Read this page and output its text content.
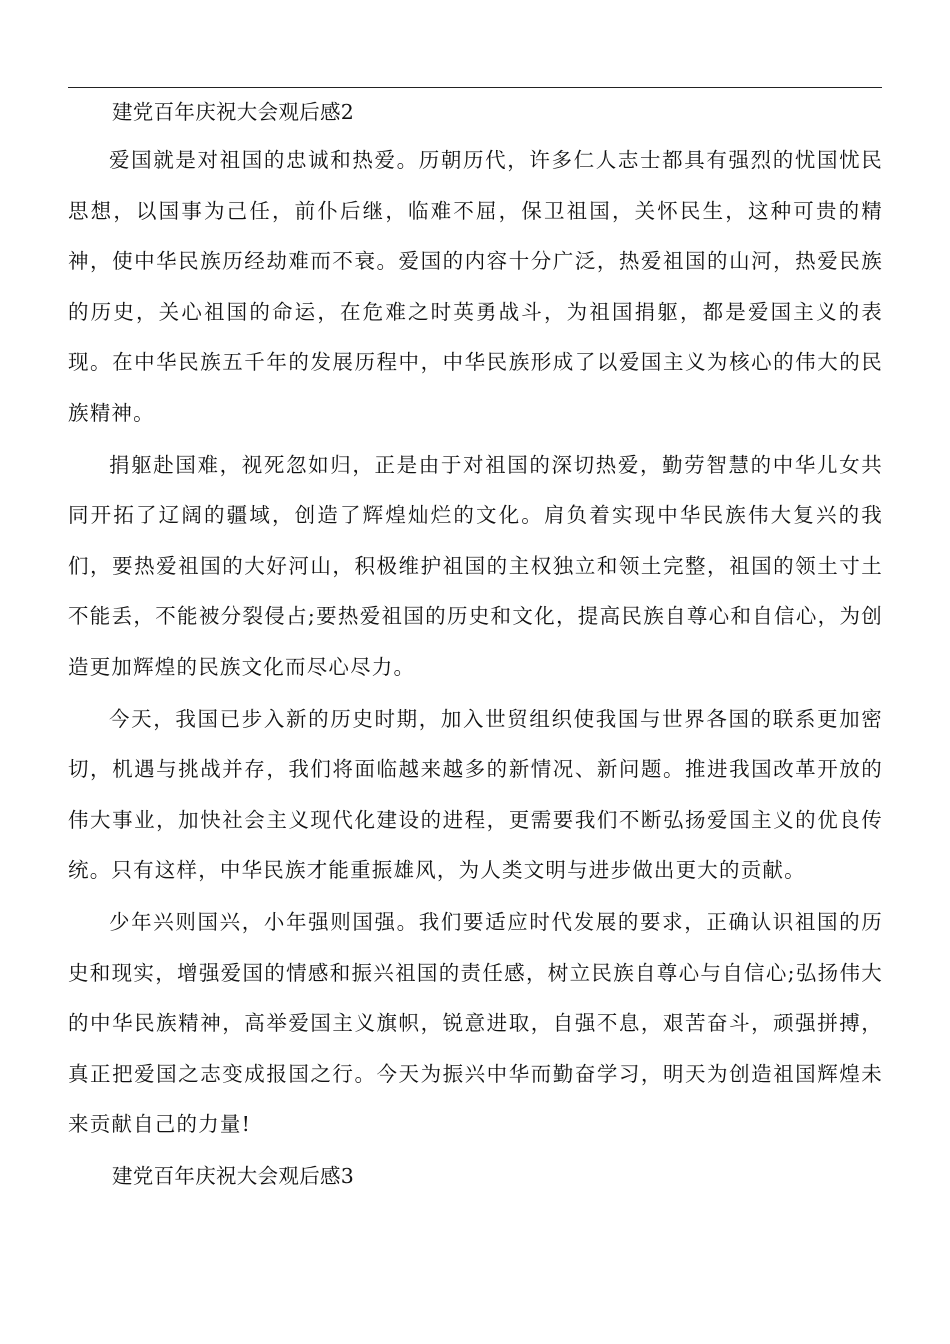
建党百年庆祝大会观后感2

爱国就是对祖国的忠诚和热爱。历朝历代，许多仁人志士都具有强烈的忧国忧民思想，以国事为己任，前仆后继，临难不屈，保卫祖国，关怀民生，这种可贵的精神，使中华民族历经劫难而不衰。爱国的内容十分广泛，热爱祖国的山河，热爱民族的历史，关心祖国的命运，在危难之时英勇战斗，为祖国捐躯，都是爱国主义的表现。在中华民族五千年的发展历程中，中华民族形成了以爱国主义为核心的伟大的民族精神。

捐躯赴国难，视死忽如归，正是由于对祖国的深切热爱，勤劳智慧的中华儿女共同开拓了辽阔的疆域，创造了辉煌灿烂的文化。肩负着实现中华民族伟大复兴的我们，要热爱祖国的大好河山，积极维护祖国的主权独立和领土完整，祖国的领土寸土不能丢，不能被分裂侵占;要热爱祖国的历史和文化，提高民族自尊心和自信心，为创造更加辉煌的民族文化而尽心尽力。

今天，我国已步入新的历史时期，加入世贸组织使我国与世界各国的联系更加密切，机遇与挑战并存，我们将面临越来越多的新情况、新问题。推进我国改革开放的伟大事业，加快社会主义现代化建设的进程，更需要我们不断弘扬爱国主义的优良传统。只有这样，中华民族才能重振雄风，为人类文明与进步做出更大的贡献。

少年兴则国兴，小年强则国强。我们要适应时代发展的要求，正确认识祖国的历史和现实，增强爱国的情感和振兴祖国的责任感，树立民族自尊心与自信心;弘扬伟大的中华民族精神，高举爱国主义旗帜，锐意进取，自强不息，艰苦奋斗，顽强拼搏，真正把爱国之志变成报国之行。今天为振兴中华而勤奋学习，明天为创造祖国辉煌未来贡献自己的力量!

建党百年庆祝大会观后感3
